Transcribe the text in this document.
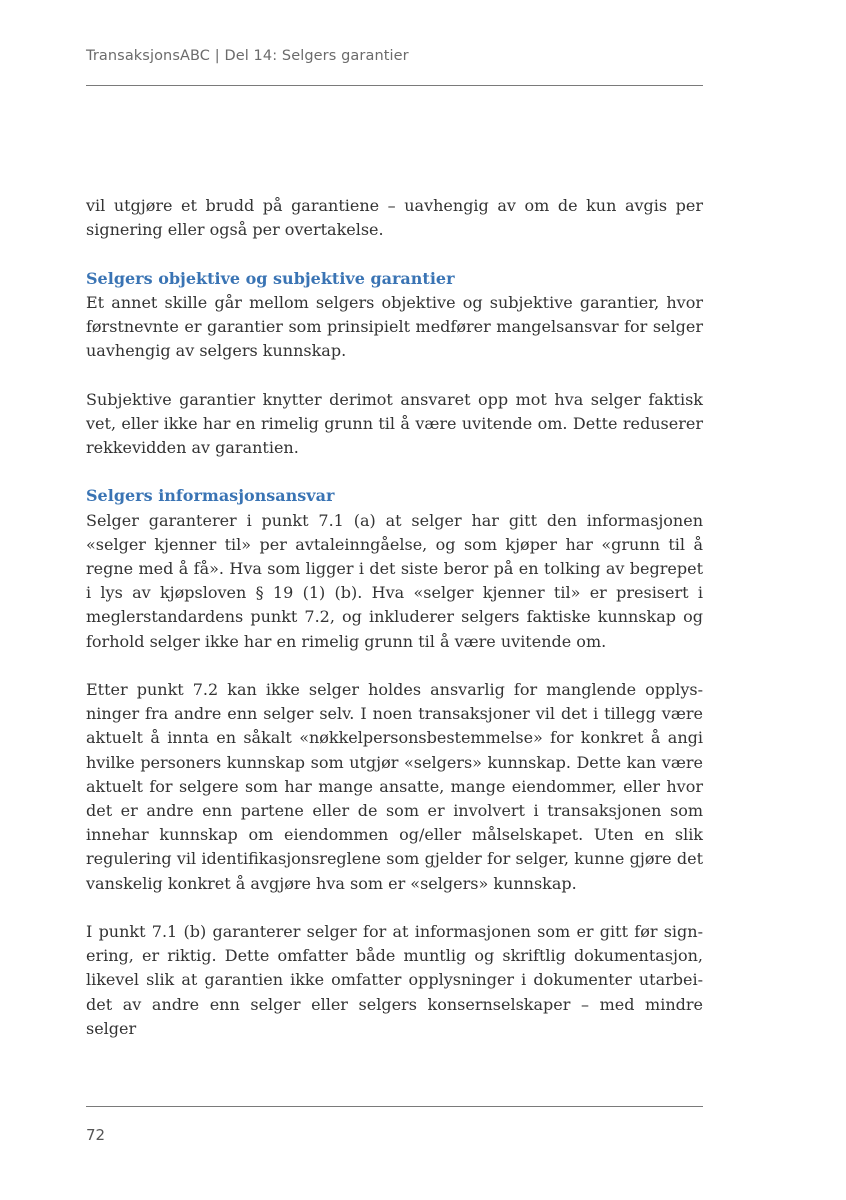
TransaksjonsABC | Del 14: Selgers garantier

vil utgjøre et brudd på garantiene – uavhengig av om de kun avgis per signering eller også per overtakelse.

Selgers objektive og subjektive garantier

Et annet skille går mellom selgers objektive og subjektive garantier, hvor førstnevnte er garantier som prinsipielt medfører mangelsansvar for selger uavhengig av selgers kunnskap.

Subjektive garantier knytter derimot ansvaret opp mot hva selger faktisk vet, eller ikke har en rimelig grunn til å være uvitende om. Dette reduserer rekkevidden av garantien.

Selgers informasjonsansvar

Selger garanterer i punkt 7.1 (a) at selger har gitt den informasjonen «selger kjenner til» per avtaleinngåelse, og som kjøper har «grunn til å regne med å få». Hva som ligger i det siste beror på en tolking av begrepet i lys av kjøpsloven § 19 (1) (b). Hva «selger kjenner til» er presisert i meglerstandardens punkt 7.2, og inkluderer selgers faktiske kunnskap og forhold selger ikke har en rimelig grunn til å være uvitende om.

Etter punkt 7.2 kan ikke selger holdes ansvarlig for manglende opplysninger fra andre enn selger selv. I noen transaksjoner vil det i tillegg være aktuelt å innta en såkalt «nøkkelpersonsbestemmelse» for konkret å angi hvilke personers kunnskap som utgjør «selgers» kunnskap. Dette kan være aktuelt for selgere som har mange ansatte, mange eiendommer, eller hvor det er andre enn partene eller de som er involvert i transaksjonen som innehar kunnskap om eiendommen og/eller målselskapet. Uten en slik regulering vil identifikasjonsreglene som gjelder for selger, kunne gjøre det vanskelig konkret å avgjøre hva som er «selgers» kunnskap.

I punkt 7.1 (b) garanterer selger for at informasjonen som er gitt før signering, er riktig. Dette omfatter både muntlig og skriftlig dokumentasjon, likevel slik at garantien ikke omfatter opplysninger i dokumenter utarbeidet av andre enn selger eller selgers konsernselskaper – med mindre selger

72
